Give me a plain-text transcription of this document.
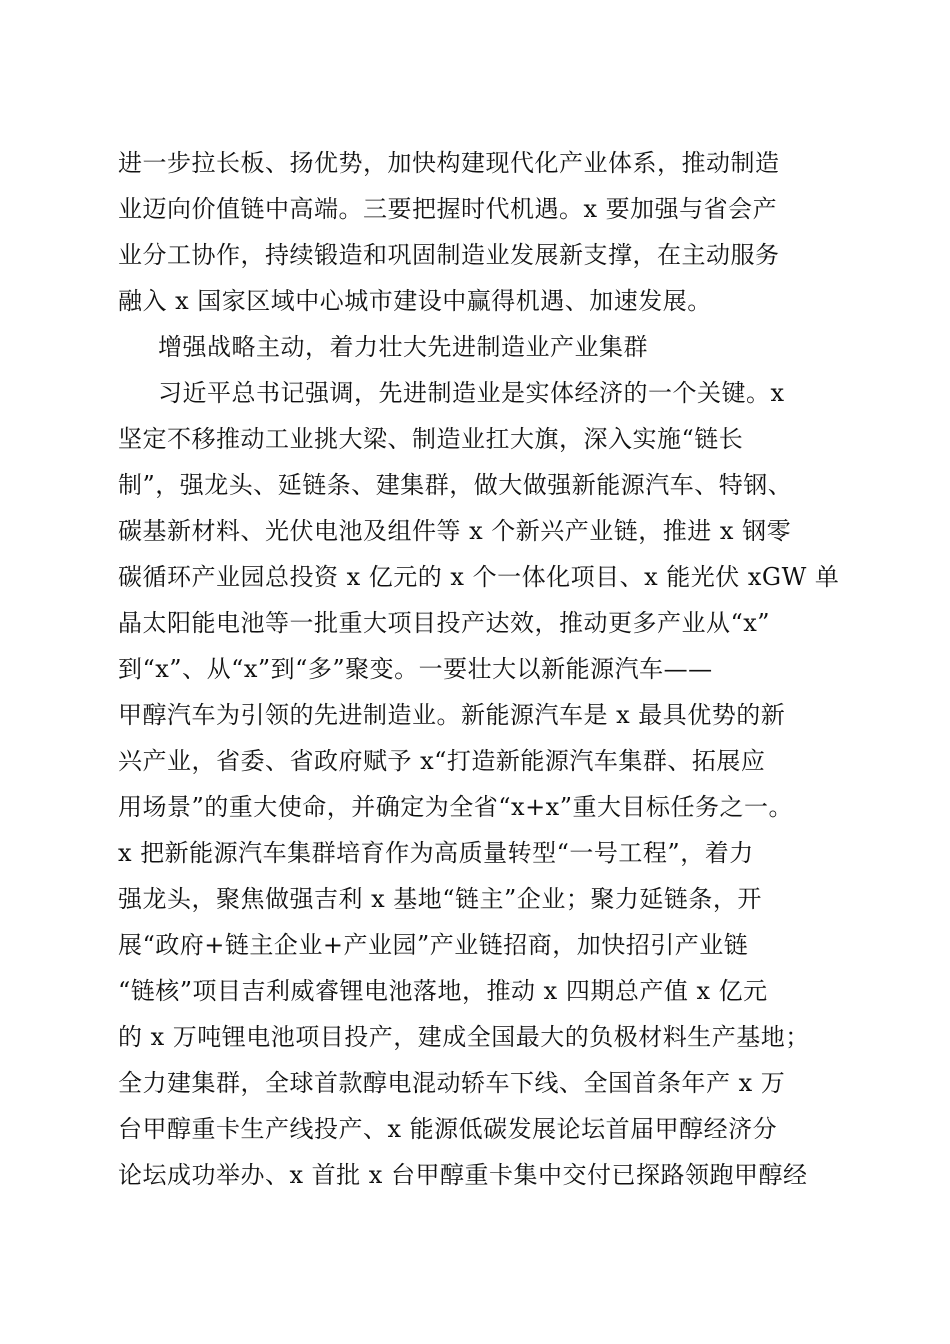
进一步拉长板、扬优势，加快构建现代化产业体系，推动制造
业迈向价值链中高端。三要把握时代机遇。x 要加强与省会产
业分工协作，持续锻造和巩固制造业发展新支撑，在主动服务
融入 x 国家区域中心城市建设中赢得机遇、加速发展。
增强战略主动，着力壮大先进制造业产业集群
习近平总书记强调，先进制造业是实体经济的一个关键。x
坚定不移推动工业挑大梁、制造业扛大旗，深入实施“链长
制”，强龙头、延链条、建集群，做大做强新能源汽车、特钢、
碳基新材料、光伏电池及组件等 x 个新兴产业链，推进 x 钢零
碳循环产业园总投资 x 亿元的 x 个一体化项目、x 能光伏 xGW 单
晶太阳能电池等一批重大项目投产达效，推动更多产业从“x”
到“x”、从“x”到“多”聚变。一要壮大以新能源汽车——
甲醇汽车为引领的先进制造业。新能源汽车是 x 最具优势的新
兴产业，省委、省政府赋予 x“打造新能源汽车集群、拓展应
用场景”的重大使命，并确定为全省“x+x”重大目标任务之一。
x 把新能源汽车集群培育作为高质量转型“一号工程”，着力
强龙头，聚焦做强吉利 x 基地“链主”企业；聚力延链条，开
展“政府+链主企业+产业园”产业链招商，加快招引产业链
“链核”项目吉利威睿锂电池落地，推动 x 四期总产值 x 亿元
的 x 万吨锂电池项目投产，建成全国最大的负极材料生产基地；
全力建集群，全球首款醇电混动轿车下线、全国首条年产 x 万
台甲醇重卡生产线投产、x 能源低碳发展论坛首届甲醇经济分
论坛成功举办、x 首批 x 台甲醇重卡集中交付已探路领跑甲醇经
